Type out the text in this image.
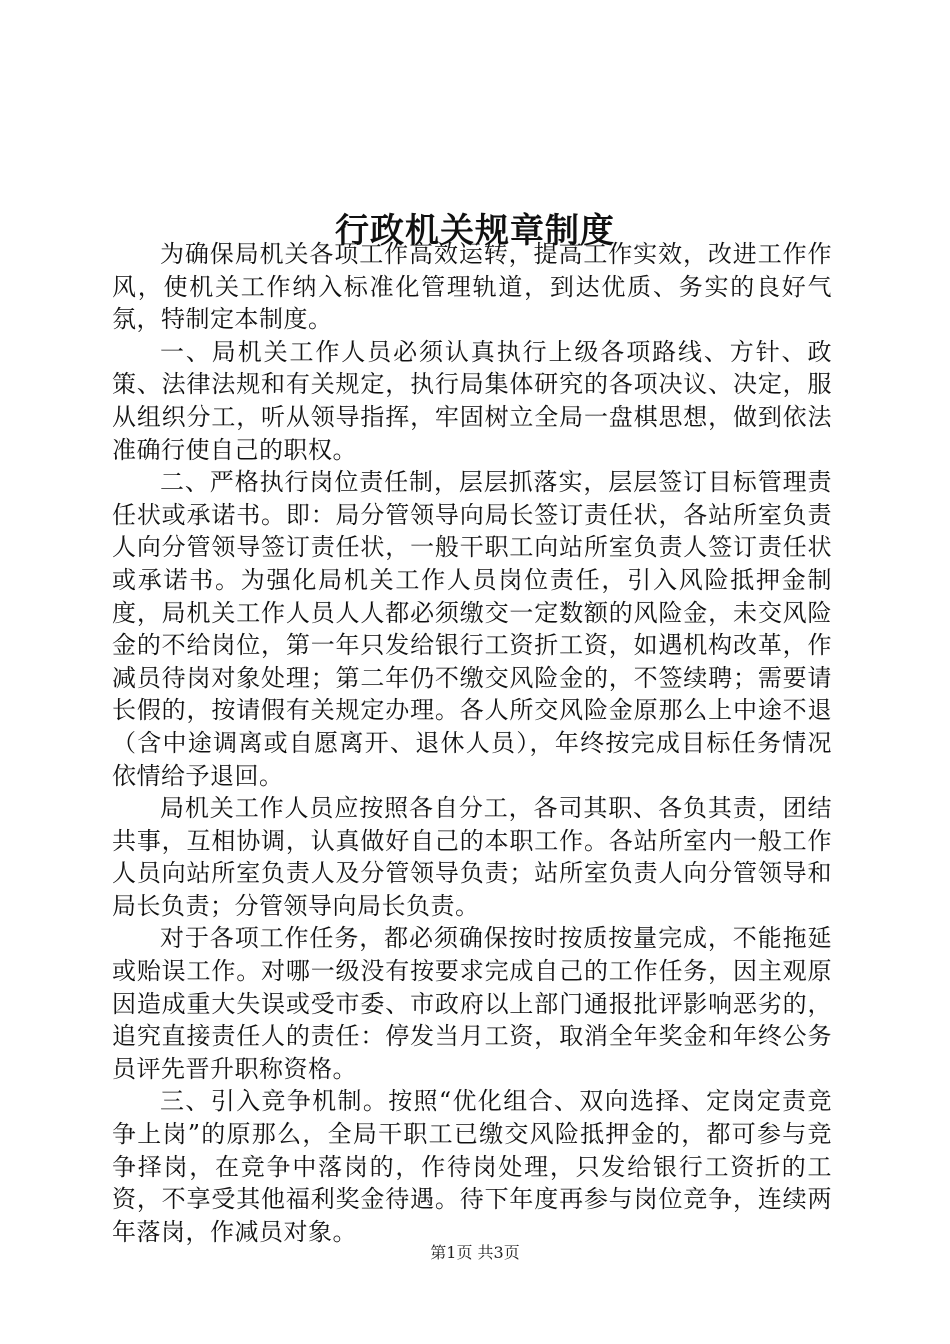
行政机关规章制度

为确保局机关各项工作高效运转，提高工作实效，改进工作作风，使机关工作纳入标准化管理轨道，到达优质、务实的良好气氛，特制定本制度。

一、局机关工作人员必须认真执行上级各项路线、方针、政策、法律法规和有关规定，执行局集体研究的各项决议、决定，服从组织分工，听从领导指挥，牢固树立全局一盘棋思想，做到依法准确行使自己的职权。

二、严格执行岗位责任制，层层抓落实，层层签订目标管理责任状或承诺书。即：局分管领导向局长签订责任状，各站所室负责人向分管领导签订责任状，一般干职工向站所室负责人签订责任状或承诺书。为强化局机关工作人员岗位责任，引入风险抵押金制度，局机关工作人员人人都必须缴交一定数额的风险金，未交风险金的不给岗位，第一年只发给银行工资折工资，如遇机构改革，作减员待岗对象处理；第二年仍不缴交风险金的，不签续聘；需要请长假的，按请假有关规定办理。各人所交风险金原那么上中途不退（含中途调离或自愿离开、退休人员），年终按完成目标任务情况依情给予退回。

局机关工作人员应按照各自分工，各司其职、各负其责，团结共事，互相协调，认真做好自己的本职工作。各站所室内一般工作人员向站所室负责人及分管领导负责；站所室负责人向分管领导和局长负责；分管领导向局长负责。

对于各项工作任务，都必须确保按时按质按量完成，不能拖延或贻误工作。对哪一级没有按要求完成自己的工作任务，因主观原因造成重大失误或受市委、市政府以上部门通报批评影响恶劣的，追究直接责任人的责任：停发当月工资，取消全年奖金和年终公务员评先晋升职称资格。

三、引入竞争机制。按照“优化组合、双向选择、定岗定责竞争上岗”的原那么，全局干职工已缴交风险抵押金的，都可参与竞争择岗，在竞争中落岗的，作待岗处理，只发给银行工资折的工资，不享受其他福利奖金待遇。待下年度再参与岗位竞争，连续两年落岗，作减员对象。

第1页 共3页
